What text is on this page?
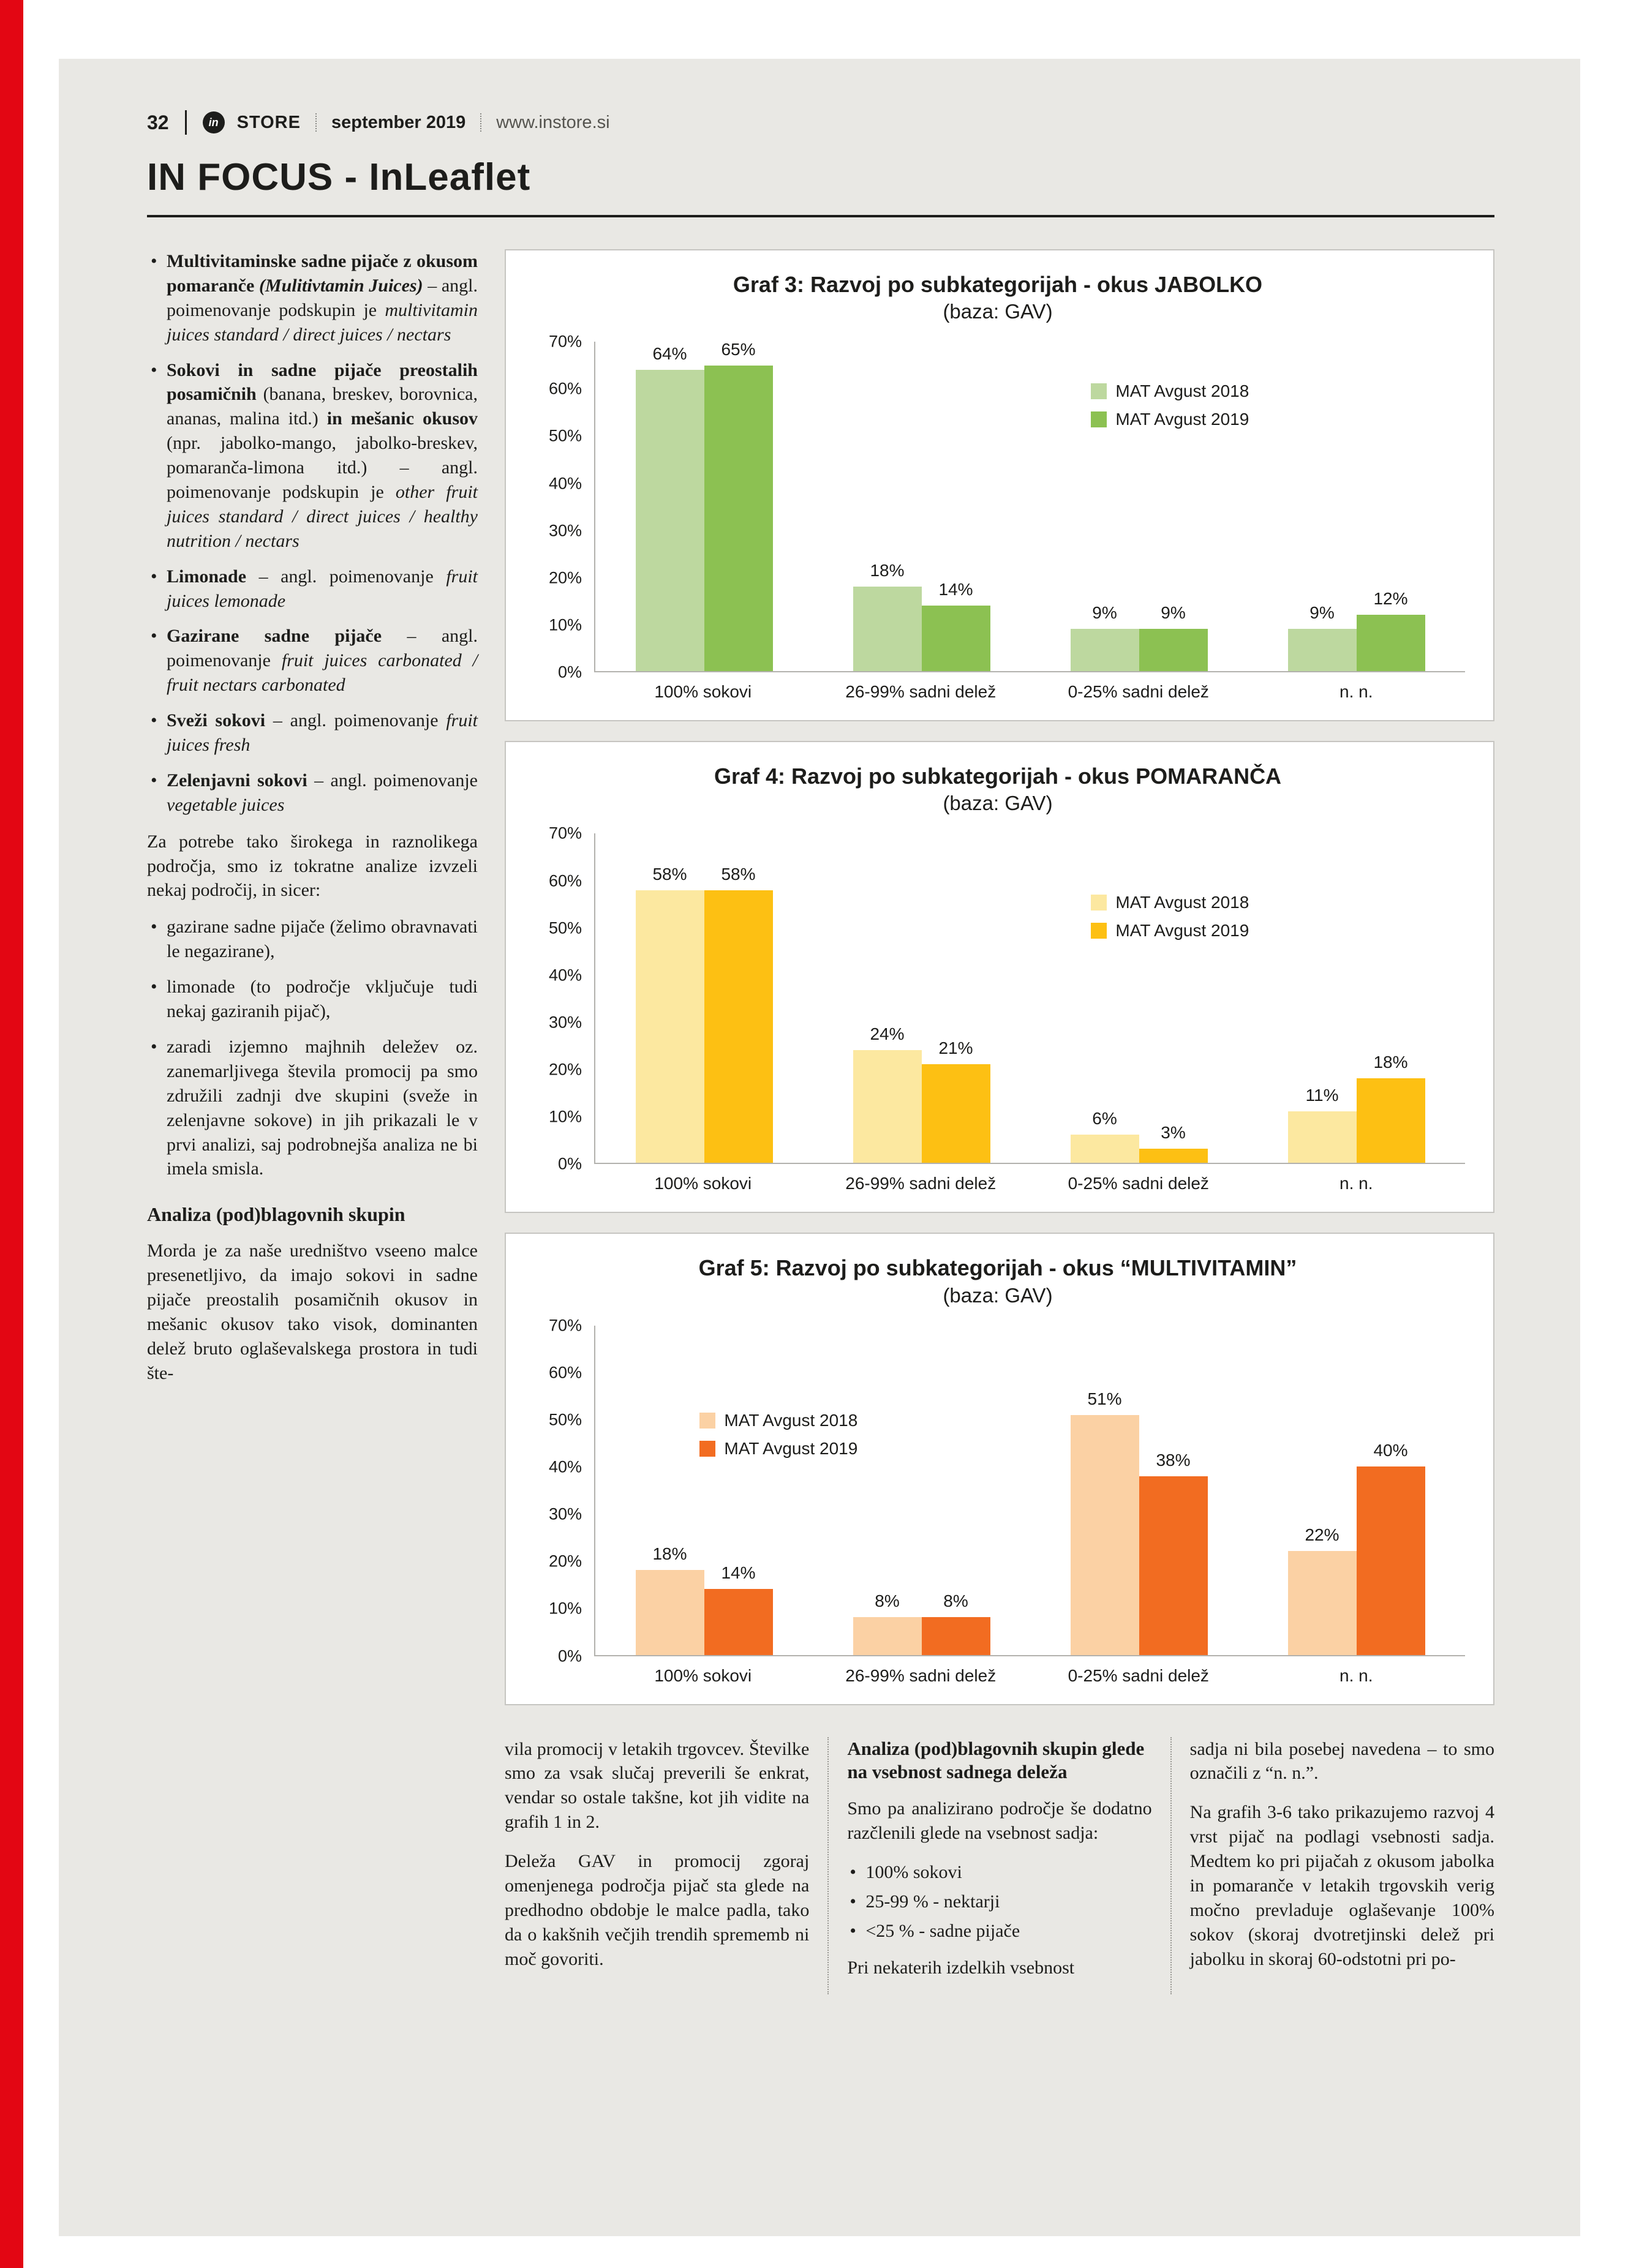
32	in STORE september 2019 www.instore.si
IN FOCUS - InLeaflet
• Multivitaminske sadne pijače z okusom pomaranče (Mulitivtamin Juices) – angl. poimenovanje podskupin je multivitamin juices standard / direct juices / nectars
• Sokovi in sadne pijače preostalih posamičnih (banana, breskev, borovnica, ananas, malina itd.) in mešanic okusov (npr. jabolko-mango, jabolko-breskev, pomaranča-limona itd.) – angl. poimenovanje podskupin je other fruit juices standard / direct juices / healthy nutrition / nectars
• Limonade – angl. poimenovanje fruit juices lemonade
• Gazirane sadne pijače – angl. poimenovanje fruit juices carbonated / fruit nectars carbonated
• Sveži sokovi – angl. poimenovanje fruit juices fresh
• Zelenjavni sokovi – angl. poimenovanje vegetable juices

Za potrebe tako širokega in raznolikega področja, smo iz tokratne analize izvzeli nekaj področij, in sicer:

• gazirane sadne pijače (želimo obravnavati le negazirane),
• limonade (to področje vključuje tudi nekaj gaziranih pijač),
• zaradi izjemno majhnih deležev oz. zanemarljivega števila promocij pa smo združili zadnji dve skupini (sveže in zelenjavne sokove) in jih prikazali le v prvi analizi, saj podrobnejša analiza ne bi imela smisla.
Analiza (pod)blagovnih skupin

Morda je za naše uredništvo vseeno malce presenetljivo, da imajo sokovi in sadne pijače preostalih posamičnih okusov in mešanic okusov tako visok, dominanten delež bruto oglaševalskega prostora in tudi šte-

Graf 3: Razvoj po subkategorijah - okus JABOLKO
(baza: GAV)
70%
60%
50%
40%
30%
20%
10%
0%
MAT Avgust 2018
MAT Avgust 2019
64% 65%
18%
14%
9%	9%	9%
12%
100% sokovi	26-99% sadni delež	0-25% sadni delež	n. n.
Graf 4: Razvoj po subkategorijah - okus POMARANČA
(baza: GAV)
70%
60%
50%
40%
30%
20%
10%
0%
MAT Avgust 2018
MAT Avgust 2019
58% 58%
24%
21%
6%
3%
11%
18%
100% sokovi	26-99% sadni delež	0-25% sadni delež	n. n.
Graf 5: Razvoj po subkategorijah - okus “MULTIVITAMIN”
(baza: GAV)
70%
60%
50%
40%
30%
20%
10%
0%
MAT Avgust 2018
MAT Avgust 2019
18%
14%
8%	8%
51%
38%
22%
40%
100% sokovi	26-99% sadni delež	0-25% sadni delež	n. n.

vila promocij v letakih trgovcev. Številke smo za vsak slučaj preverili še enkrat, vendar so ostale takšne, kot jih vidite na grafih 1 in 2.

Deleža GAV in promocij zgoraj omenjenega področja pijač sta glede na predhodno obdobje le malce padla, tako da o kakšnih večjih trendih sprememb ni moč govoriti.

Analiza (pod)blagovnih skupin glede na vsebnost sadnega deleža

Smo pa analizirano področje še dodatno razčlenili glede na vsebnost sadja:

• 100% sokovi
• 25-99 % - nektarji
• <25 % - sadne pijače

Pri nekaterih izdelkih vsebnost

sadja ni bila posebej navedena – to smo označili z “n. n.”.

Na grafih 3-6 tako prikazujemo razvoj 4 vrst pijač na podlagi vsebnosti sadja. Medtem ko pri pijačah z okusom jabolka in pomaranče v letakih trgovskih verig močno prevladuje oglaševanje 100% sokov (skoraj dvotretjinski delež pri jabolku in skoraj 60-odstotni pri po-
